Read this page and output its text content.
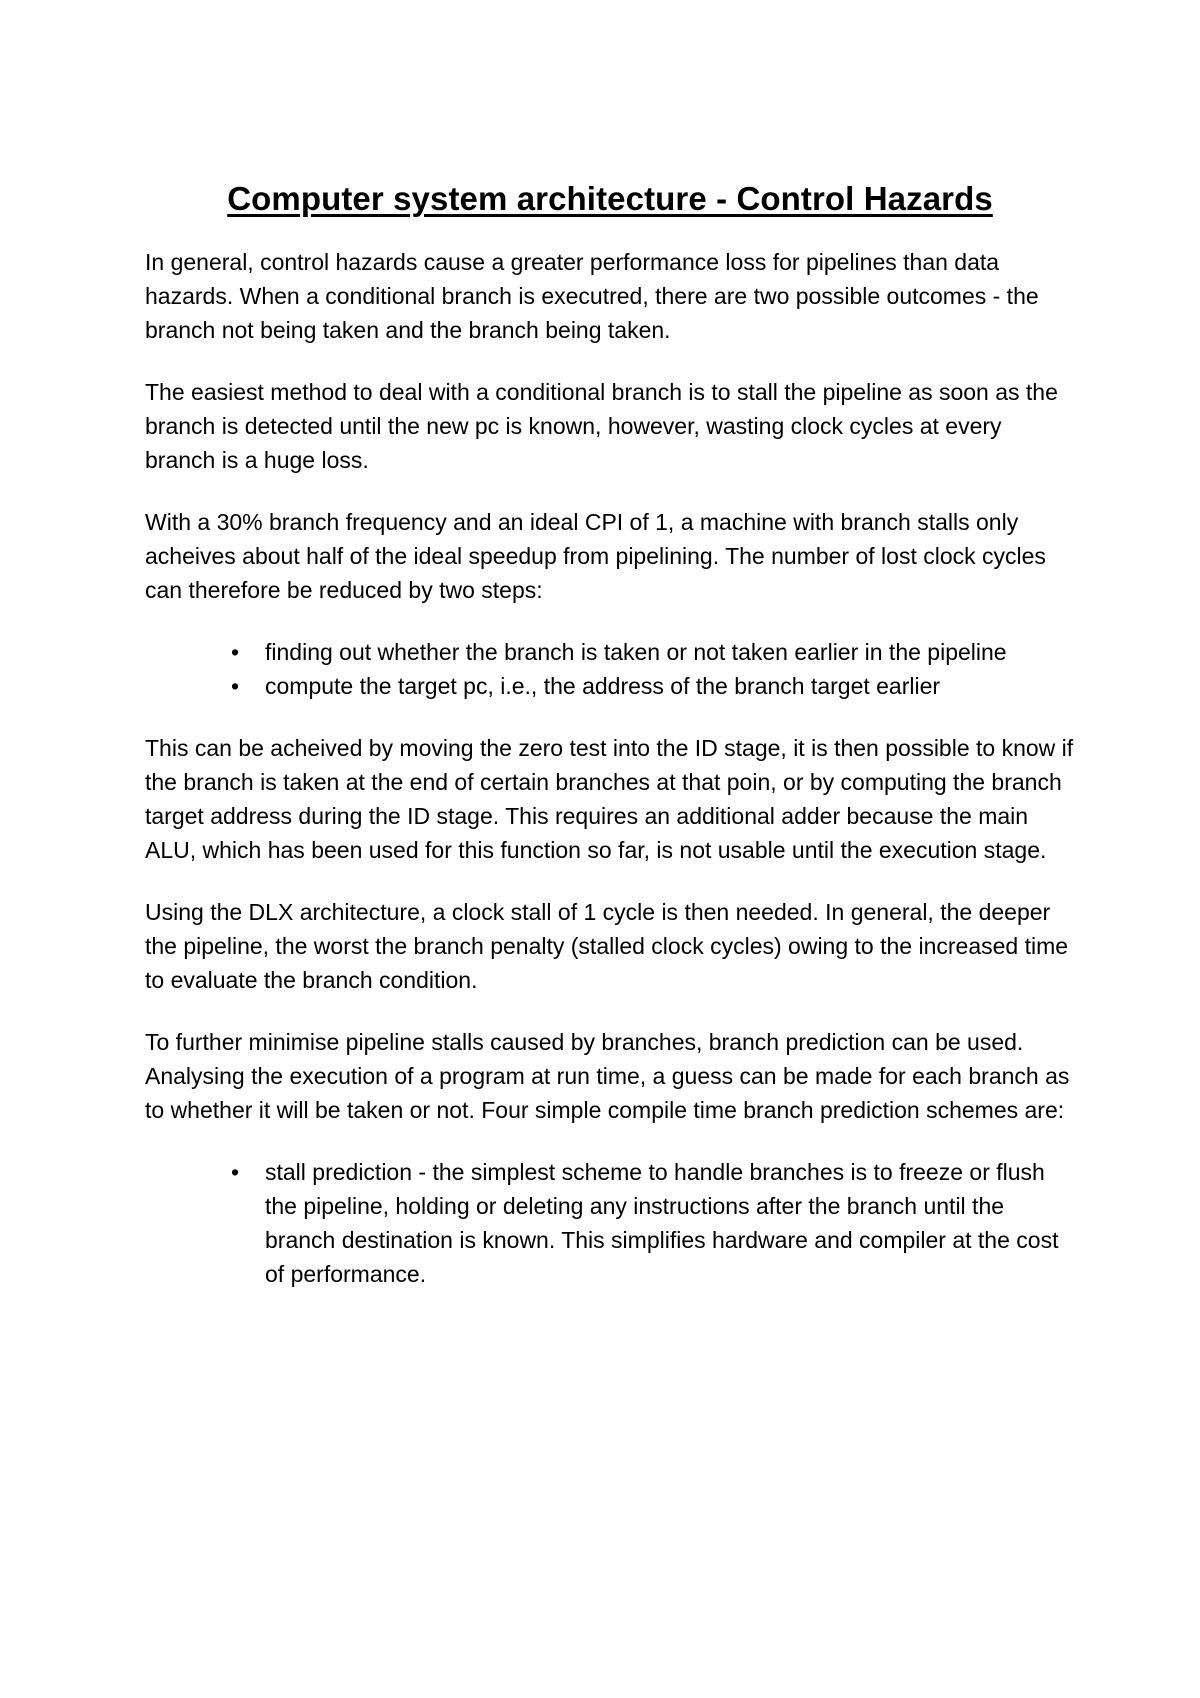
Computer system architecture - Control Hazards

In general, control hazards cause a greater performance loss for pipelines than data hazards. When a conditional branch is executred, there are two possible outcomes - the branch not being taken and the branch being taken.

The easiest method to deal with a conditional branch is to stall the pipeline as soon as the branch is detected until the new pc is known, however, wasting clock cycles at every branch is a huge loss.

With a 30% branch frequency and an ideal CPI of 1, a machine with branch stalls only acheives about half of the ideal speedup from pipelining. The number of lost clock cycles can therefore be reduced by two steps:

• finding out whether the branch is taken or not taken earlier in the pipeline
• compute the target pc, i.e., the address of the branch target earlier

This can be acheived by moving the zero test into the ID stage, it is then possible to know if the branch is taken at the end of certain branches at that poin, or by computing the branch target address during the ID stage. This requires an additional adder because the main ALU, which has been used for this function so far, is not usable until the execution stage.

Using the DLX architecture, a clock stall of 1 cycle is then needed. In general, the deeper the pipeline, the worst the branch penalty (stalled clock cycles) owing to the increased time to evaluate the branch condition.

To further minimise pipeline stalls caused by branches, branch prediction can be used. Analysing the execution of a program at run time, a guess can be made for each branch as to whether it will be taken or not. Four simple compile time branch prediction schemes are:

• stall prediction - the simplest scheme to handle branches is to freeze or flush the pipeline, holding or deleting any instructions after the branch until the branch destination is known. This simplifies hardware and compiler at the cost of performance.
